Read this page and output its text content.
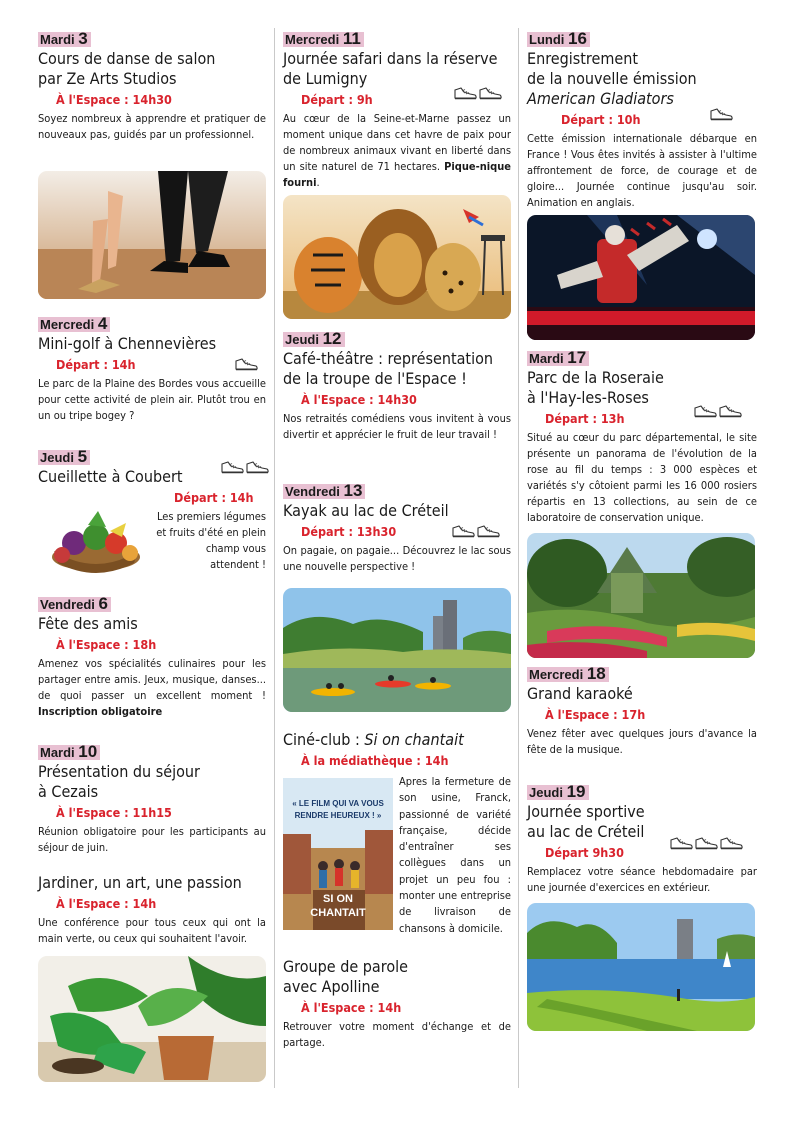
Mardi 3
Cours de danse de salon
par Ze Arts Studios
À l'Espace : 14h30
Soyez nombreux à apprendre et pratiquer de nouveaux pas, guidés par un professionnel.
Mercredi 4
Mini-golf à Chennevières
Départ : 14h
Le parc de la Plaine des Bordes vous accueille pour cette activité de plein air. Plutôt trou en un ou tripe bogey ?
Jeudi 5
Cueillette à Coubert
Départ : 14h
Les premiers légumes et fruits d'été en plein champ vous attendent !
Vendredi 6
Fête des amis
À l'Espace : 18h
Amenez vos spécialités culinaires pour les partager entre amis. Jeux, musique, danses... de quoi passer un excellent moment ! Inscription obligatoire
Mardi 10
Présentation du séjour
à Cezais
À l'Espace : 11h15
Réunion obligatoire pour les participants au séjour de juin.
Jardiner, un art, une passion
À l'Espace : 14h
Une conférence pour tous ceux qui ont la main verte, ou ceux qui souhaitent l'avoir.
Mercredi 11
Journée safari dans la réserve
de Lumigny
Départ : 9h
Au cœur de la Seine-et-Marne passez un moment unique dans cet havre de paix pour de nombreux animaux vivant en liberté dans un site naturel de 71 hectares. Pique-nique fourni.
Jeudi 12
Café-théâtre : représentation
de la troupe de l'Espace !
À l'Espace : 14h30
Nos retraités comédiens vous invitent à vous divertir et apprécier le fruit de leur travail !
Vendredi 13
Kayak au lac de Créteil
Départ : 13h30
On pagaie, on pagaie... Découvrez le lac sous une nouvelle perspective !
Ciné-club : Si on chantait
À la médiathèque : 14h
« LE FILM QUI VA VOUS
RENDRE HEUREUX ! »
SI ON
CHANTAIT
Apres la fermeture de son usine, Franck, passionné de variété française, décide d'entraîner ses collègues dans un projet un peu fou : monter une entreprise de livraison de chansons à domicile.
Groupe de parole
avec Apolline
À l'Espace : 14h
Retrouver votre moment d'échange et de partage.
Lundi 16
Enregistrement
de la nouvelle émission
American Gladiators
Départ : 10h
Cette émission internationale débarque en France ! Vous êtes invités à assister à l'ultime affrontement de force, de courage et de gloire... Journée continue jusqu'au soir. Animation en anglais.
Mardi 17
Parc de la Roseraie
à l'Hay-les-Roses
Départ : 13h
Situé au cœur du parc départemental, le site présente un panorama de l'évolution de la rose au fil du temps : 3 000 espèces et variétés s'y côtoient parmi les 16 000 rosiers répartis en 13 collections, au sein de ce laboratoire de conservation unique.
Mercredi 18
Grand karaoké
À l'Espace : 17h
Venez fêter avec quelques jours d'avance la fête de la musique.
Jeudi 19
Journée sportive
au lac de Créteil
Départ 9h30
Remplacez votre séance hebdomadaire par une journée d'exercices en extérieur.
